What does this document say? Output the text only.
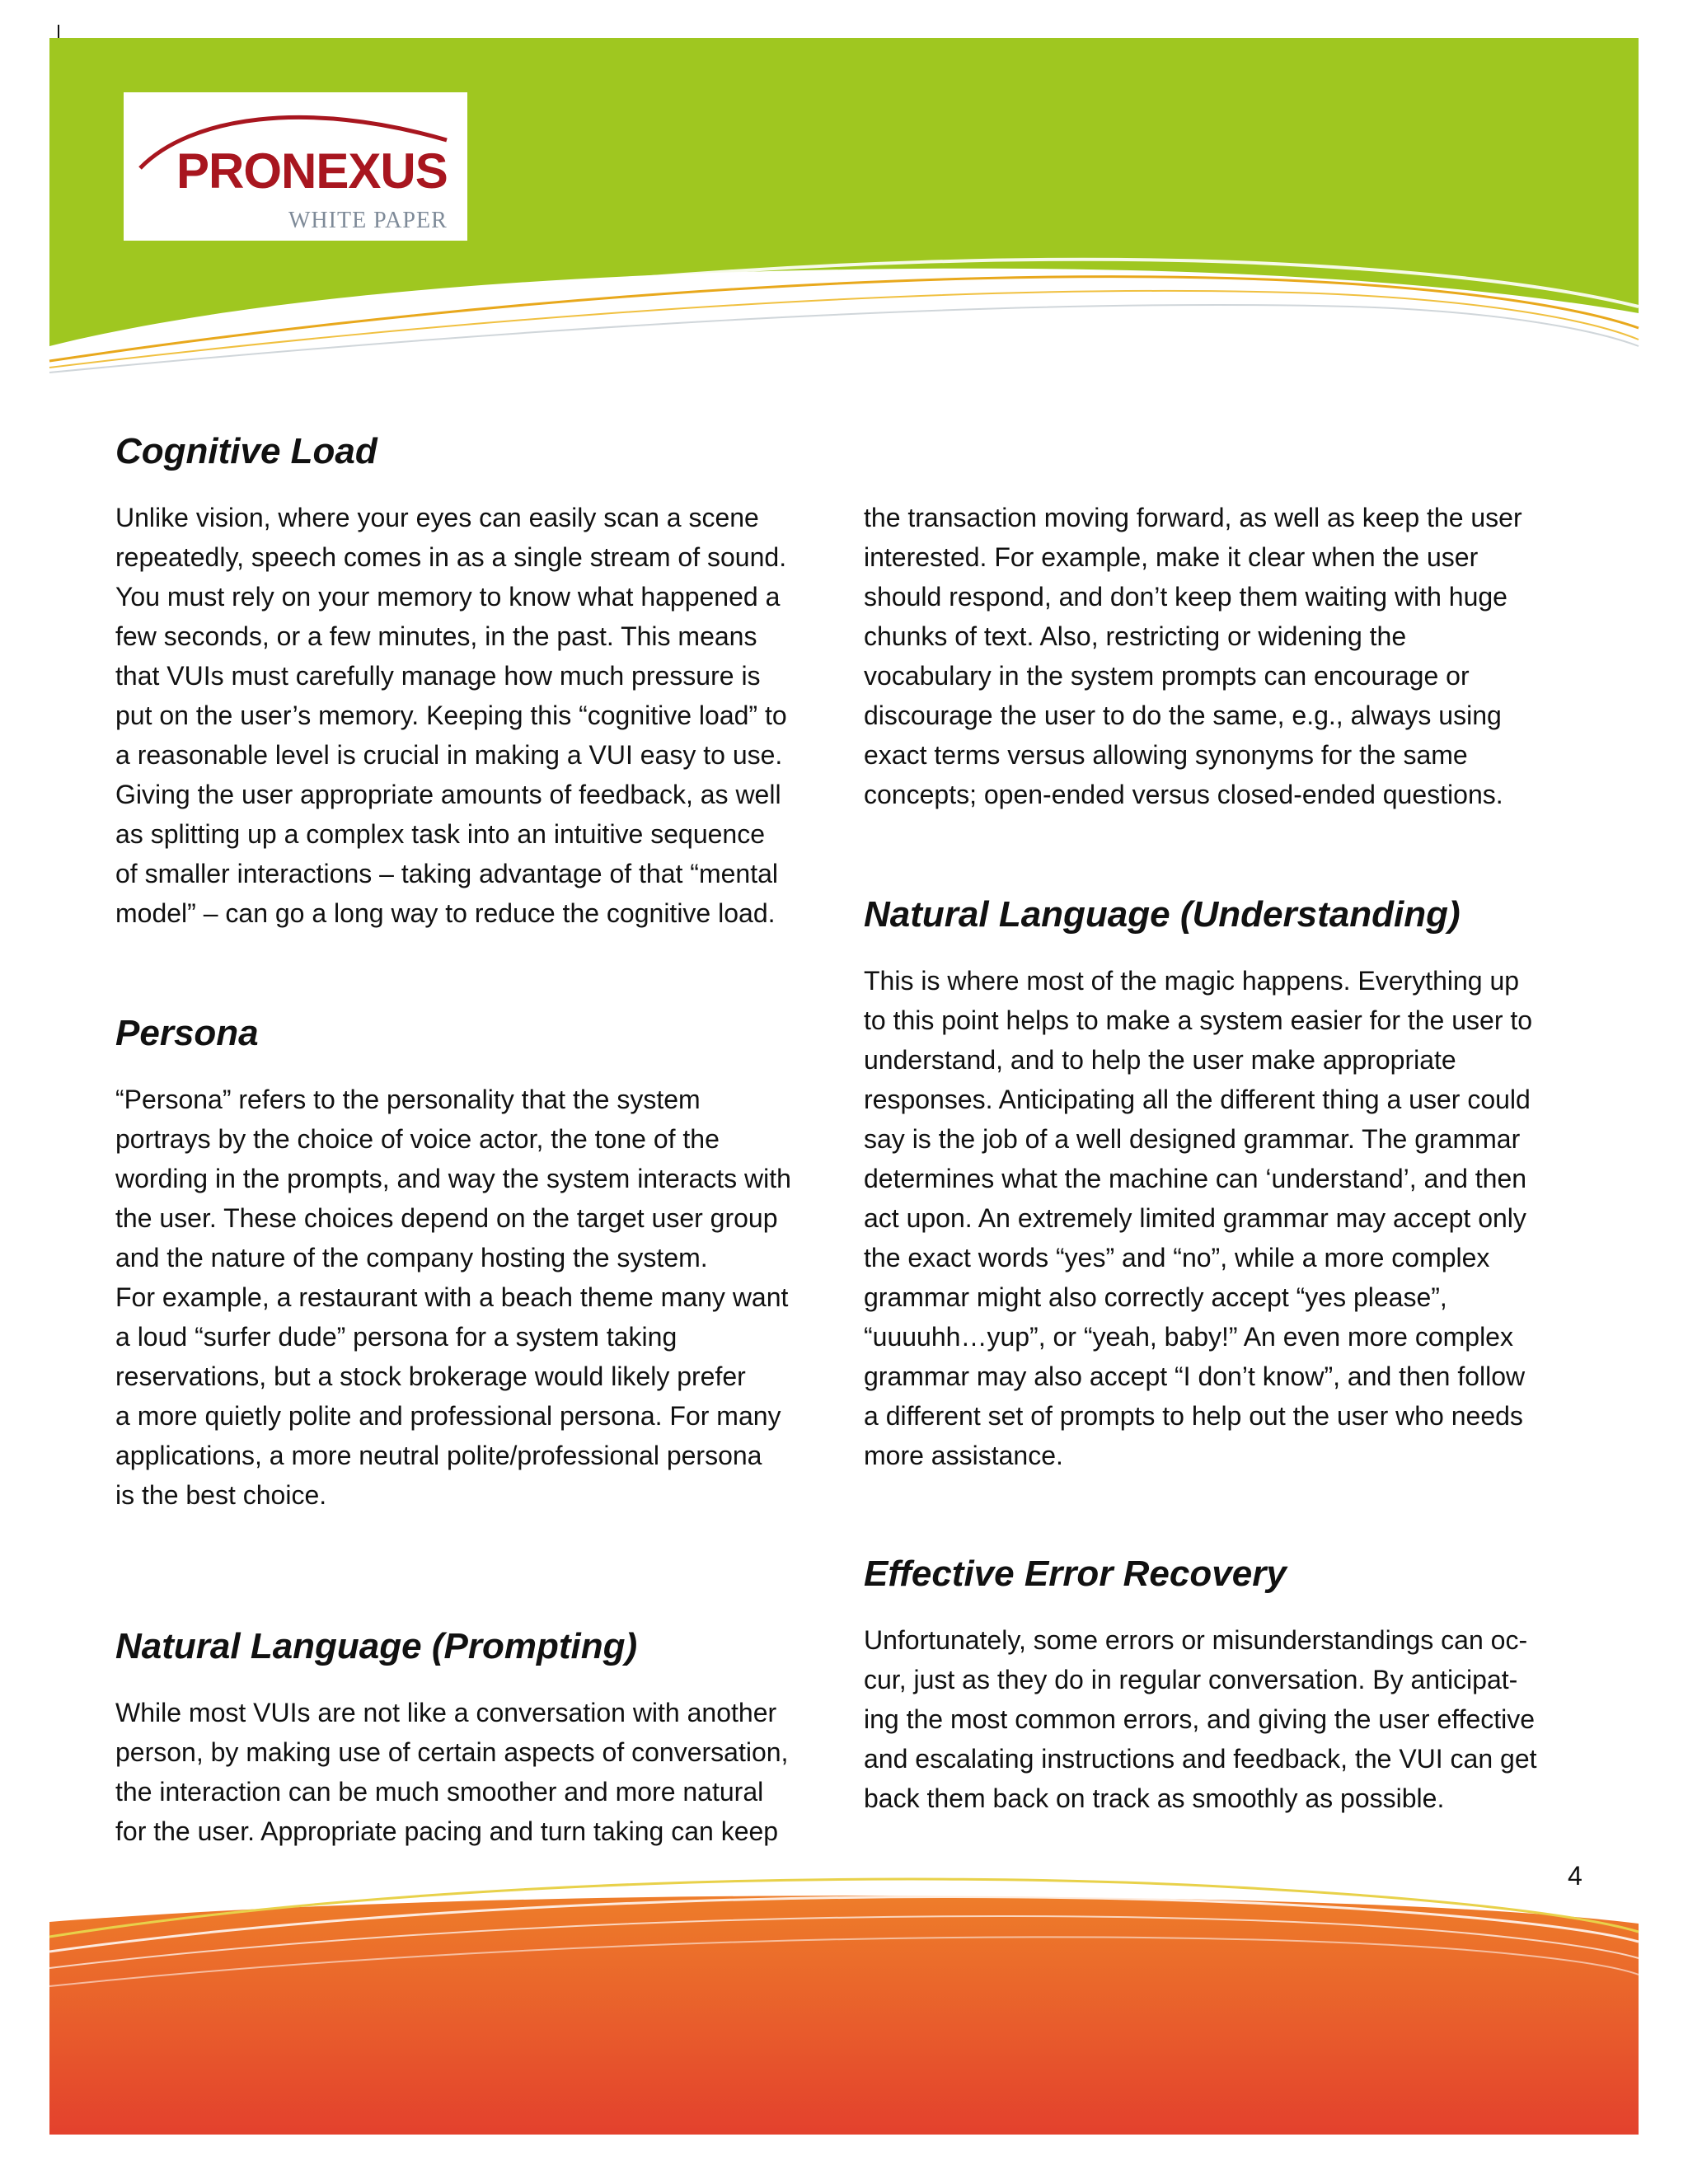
PRONEXUS
WHITE PAPER
Cognitive Load

Unlike vision, where your eyes can easily scan a scene
repeatedly, speech comes in as a single stream of sound.
You must rely on your memory to know what happened a
few seconds, or a few minutes, in the past. This means
that VUIs must carefully manage how much pressure is
put on the user’s memory. Keeping this “cognitive load” to
a reasonable level is crucial in making a VUI easy to use.
Giving the user appropriate amounts of feedback, as well
as splitting up a complex task into an intuitive sequence
of smaller interactions – taking advantage of that “mental
model” – can go a long way to reduce the cognitive load.

Persona

“Persona” refers to the personality that the system
portrays by the choice of voice actor, the tone of the
wording in the prompts, and way the system interacts with
the user. These choices depend on the target user group
and the nature of the company hosting the system.
For example, a restaurant with a beach theme many want
a loud “surfer dude” persona for a system taking
reservations, but a stock brokerage would likely prefer
a more quietly polite and professional persona. For many
applications, a more neutral polite/professional persona
is the best choice.

Natural Language (Prompting)

While most VUIs are not like a conversation with another
person, by making use of certain aspects of conversation,
the interaction can be much smoother and more natural
for the user. Appropriate pacing and turn taking can keep

the transaction moving forward, as well as keep the user
interested. For example, make it clear when the user
should respond, and don’t keep them waiting with huge
chunks of text. Also, restricting or widening the
vocabulary in the system prompts can encourage or
discourage the user to do the same, e.g., always using
exact terms versus allowing synonyms for the same
concepts; open-ended versus closed-ended questions.

Natural Language (Understanding)

This is where most of the magic happens. Everything up
to this point helps to make a system easier for the user to
understand, and to help the user make appropriate
responses. Anticipating all the different thing a user could
say is the job of a well designed grammar. The grammar
determines what the machine can ‘understand’, and then
act upon. An extremely limited grammar may accept only
the exact words “yes” and “no”, while a more complex
grammar might also correctly accept “yes please”,
“uuuuhh…yup”, or “yeah, baby!” An even more complex
grammar may also accept “I don’t know”, and then follow
a different set of prompts to help out the user who needs
more assistance.

Effective Error Recovery

Unfortunately, some errors or misunderstandings can oc-
cur, just as they do in regular conversation. By anticipat-
ing the most common errors, and giving the user effective
and escalating instructions and feedback, the VUI can get
back them back on track as smoothly as possible.

4
